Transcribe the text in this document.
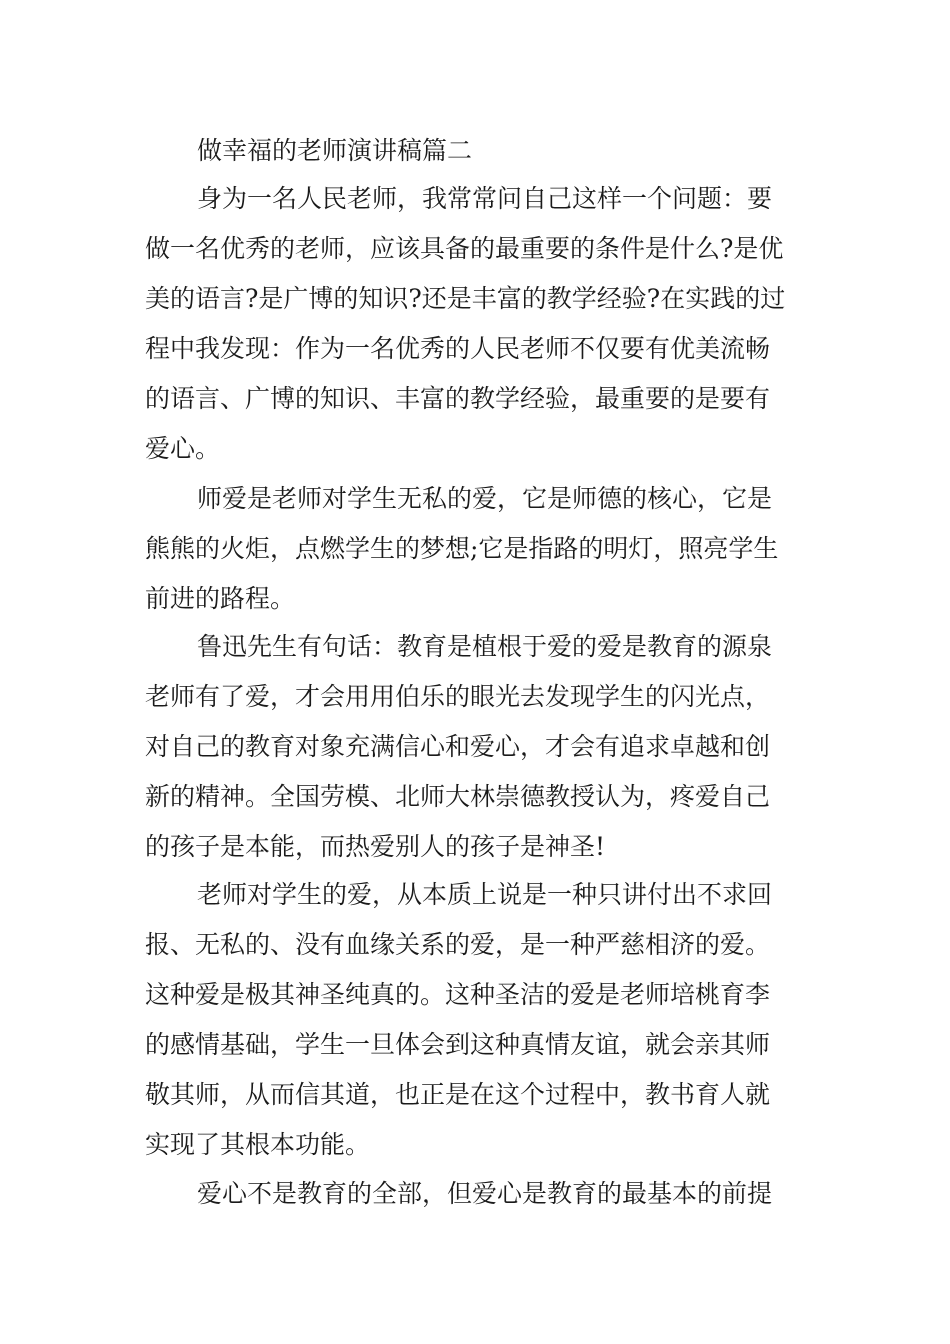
做幸福的老师演讲稿篇二
身为一名人民老师，我常常问自己这样一个问题：要
做一名优秀的老师，应该具备的最重要的条件是什么?是优
美的语言?是广博的知识?还是丰富的教学经验?在实践的过
程中我发现：作为一名优秀的人民老师不仅要有优美流畅
的语言、广博的知识、丰富的教学经验，最重要的是要有
爱心。
师爱是老师对学生无私的爱，它是师德的核心，它是
熊熊的火炬，点燃学生的梦想;它是指路的明灯，照亮学生
前进的路程。
鲁迅先生有句话：教育是植根于爱的爱是教育的源泉
老师有了爱，才会用用伯乐的眼光去发现学生的闪光点，
对自己的教育对象充满信心和爱心，才会有追求卓越和创
新的精神。全国劳模、北师大林崇德教授认为，疼爱自己
的孩子是本能，而热爱别人的孩子是神圣!
老师对学生的爱，从本质上说是一种只讲付出不求回
报、无私的、没有血缘关系的爱，是一种严慈相济的爱。
这种爱是极其神圣纯真的。这种圣洁的爱是老师培桃育李
的感情基础，学生一旦体会到这种真情友谊，就会亲其师
敬其师，从而信其道，也正是在这个过程中，教书育人就
实现了其根本功能。
爱心不是教育的全部，但爱心是教育的最基本的前提
